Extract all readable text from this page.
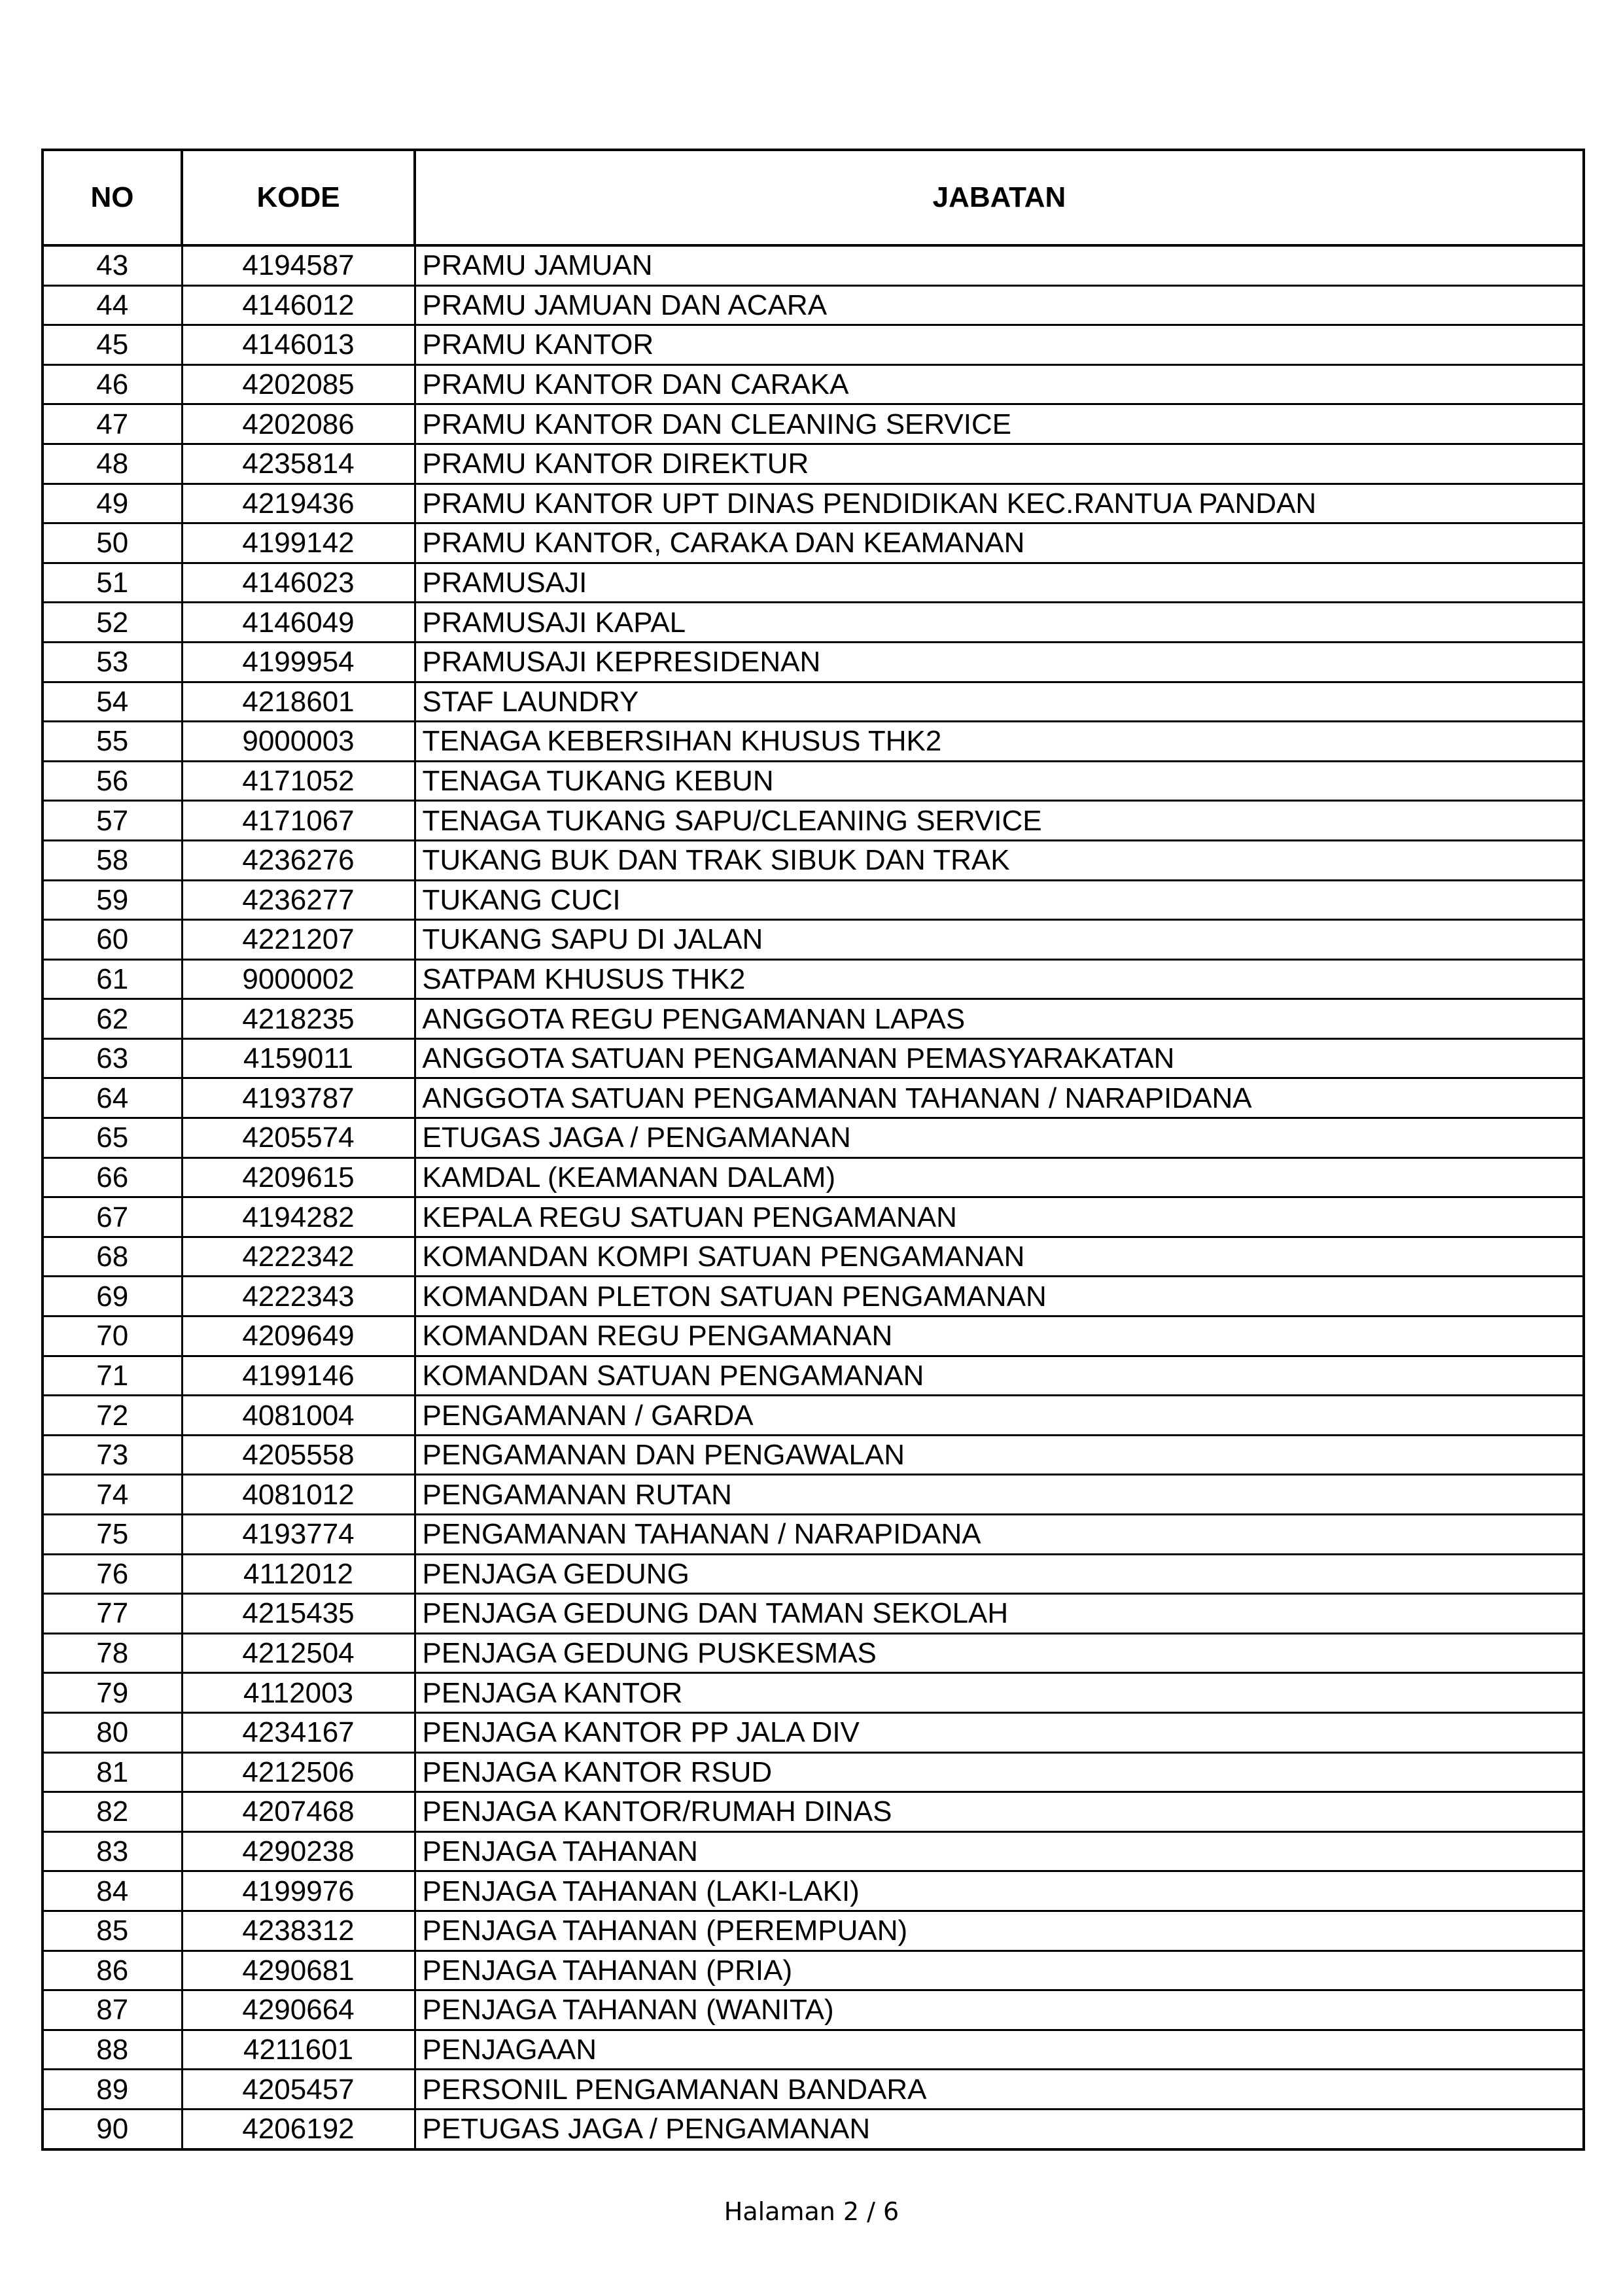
NO	KODE	JABATAN
43	4194587	PRAMU JAMUAN
44	4146012	PRAMU JAMUAN DAN ACARA
45	4146013	PRAMU KANTOR
46	4202085	PRAMU KANTOR DAN CARAKA
47	4202086	PRAMU KANTOR DAN CLEANING SERVICE
48	4235814	PRAMU KANTOR DIREKTUR
49	4219436	PRAMU KANTOR UPT DINAS PENDIDIKAN KEC.RANTUA PANDAN
50	4199142	PRAMU KANTOR, CARAKA DAN KEAMANAN
51	4146023	PRAMUSAJI
52	4146049	PRAMUSAJI KAPAL
53	4199954	PRAMUSAJI KEPRESIDENAN
54	4218601	STAF LAUNDRY
55	9000003	TENAGA KEBERSIHAN KHUSUS THK2
56	4171052	TENAGA TUKANG KEBUN
57	4171067	TENAGA TUKANG SAPU/CLEANING SERVICE
58	4236276	TUKANG BUK DAN TRAK SIBUK DAN TRAK
59	4236277	TUKANG CUCI
60	4221207	TUKANG SAPU DI JALAN
61	9000002	SATPAM KHUSUS THK2
62	4218235	ANGGOTA REGU PENGAMANAN LAPAS
63	4159011	ANGGOTA SATUAN PENGAMANAN PEMASYARAKATAN
64	4193787	ANGGOTA SATUAN PENGAMANAN TAHANAN / NARAPIDANA
65	4205574	ETUGAS JAGA / PENGAMANAN
66	4209615	KAMDAL (KEAMANAN DALAM)
67	4194282	KEPALA REGU SATUAN PENGAMANAN
68	4222342	KOMANDAN KOMPI SATUAN PENGAMANAN
69	4222343	KOMANDAN PLETON SATUAN PENGAMANAN
70	4209649	KOMANDAN REGU PENGAMANAN
71	4199146	KOMANDAN SATUAN PENGAMANAN
72	4081004	PENGAMANAN / GARDA
73	4205558	PENGAMANAN DAN PENGAWALAN
74	4081012	PENGAMANAN RUTAN
75	4193774	PENGAMANAN TAHANAN / NARAPIDANA
76	4112012	PENJAGA GEDUNG
77	4215435	PENJAGA GEDUNG DAN TAMAN SEKOLAH
78	4212504	PENJAGA GEDUNG PUSKESMAS
79	4112003	PENJAGA KANTOR
80	4234167	PENJAGA KANTOR PP JALA DIV
81	4212506	PENJAGA KANTOR RSUD
82	4207468	PENJAGA KANTOR/RUMAH DINAS
83	4290238	PENJAGA TAHANAN
84	4199976	PENJAGA TAHANAN (LAKI-LAKI)
85	4238312	PENJAGA TAHANAN (PEREMPUAN)
86	4290681	PENJAGA TAHANAN (PRIA)
87	4290664	PENJAGA TAHANAN (WANITA)
88	4211601	PENJAGAAN
89	4205457	PERSONIL PENGAMANAN BANDARA
90	4206192	PETUGAS JAGA / PENGAMANAN
Halaman 2 / 6
